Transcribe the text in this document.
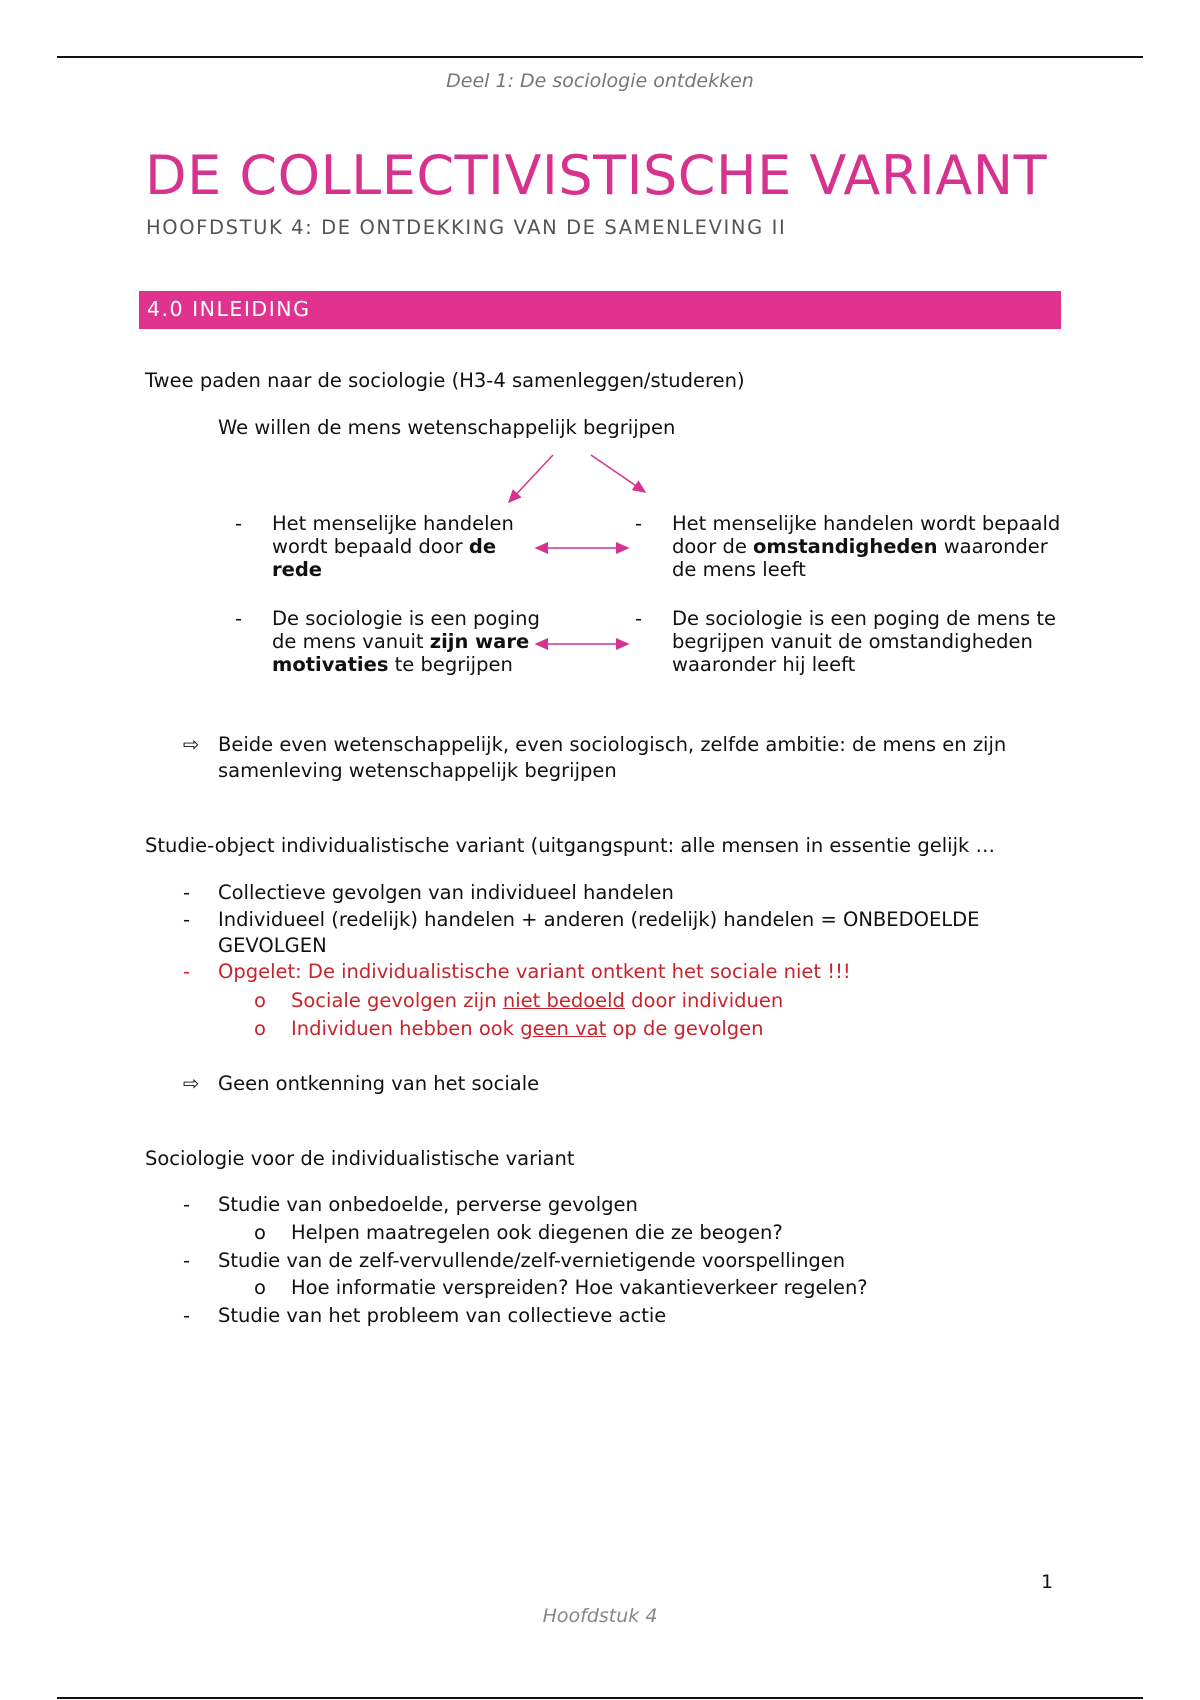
Deel 1: De sociologie ontdekken
DE COLLECTIVISTISCHE VARIANT
HOOFDSTUK 4: DE ONTDEKKING VAN DE SAMENLEVING II
4.0 INLEIDING
Twee paden naar de sociologie (H3-4 samenleggen/studeren)
We willen de mens wetenschappelijk begrijpen
- Het menselijke handelen wordt bepaald door de rede
- Het menselijke handelen wordt bepaald door de omstandigheden waaronder de mens leeft
- De sociologie is een poging de mens vanuit zijn ware motivaties te begrijpen
- De sociologie is een poging de mens te begrijpen vanuit de omstandigheden waaronder hij leeft
⇨ Beide even wetenschappelijk, even sociologisch, zelfde ambitie: de mens en zijn
samenleving wetenschappelijk begrijpen
Studie-object individualistische variant (uitgangspunt: alle mensen in essentie gelijk …
- Collectieve gevolgen van individueel handelen
- Individueel (redelijk) handelen + anderen (redelijk) handelen = ONBEDOELDE
GEVOLGEN
- Opgelet: De individualistische variant ontkent het sociale niet !!!
o Sociale gevolgen zijn niet bedoeld door individuen
o Individuen hebben ook geen vat op de gevolgen
⇨ Geen ontkenning van het sociale
Sociologie voor de individualistische variant
- Studie van onbedoelde, perverse gevolgen
o Helpen maatregelen ook diegenen die ze beogen?
- Studie van de zelf-vervullende/zelf-vernietigende voorspellingen
o Hoe informatie verspreiden? Hoe vakantieverkeer regelen?
- Studie van het probleem van collectieve actie
1
Hoofdstuk 4
